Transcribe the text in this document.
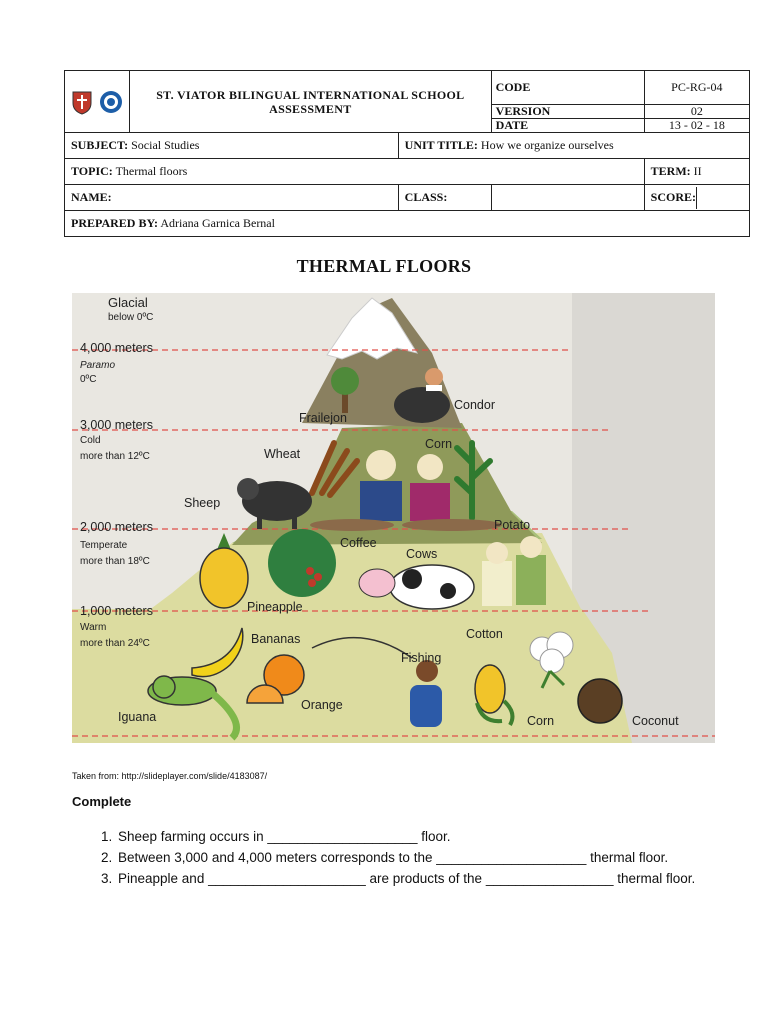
ST. VIATOR BILINGUAL INTERNATIONAL SCHOOL
ASSESSMENT		CODE	PC-RG-04
			VERSION	02
			DATE	13 - 02 - 18
SUBJECT: Social Studies		UNIT TITLE: How we organize ourselves		
TOPIC: Thermal floors				TERM: II
NAME:		CLASS:		SCORE:

PREPARED BY: Adriana Garnica Bernal				
THERMAL FLOORS
Glacial
below 0ºC
4,000 meters
Paramo
0ºC
3,000 meters
Cold
more than 12ºC
2,000 meters
Temperate
more than 18ºC
1,000 meters
Warm
more than 24ºC
Frailejon
Condor
Wheat
Corn
Sheep
Potato
Coffee
Cows
Pineapple
Bananas	Cotton
Fishing
Iguana
Orange
Corn	Coconut
Taken from: http://slideplayer.com/slide/4183087/
Complete
1. Sheep farming occurs in ____________________ floor.
2. Between 3,000 and 4,000 meters corresponds to the ____________________ thermal floor.
3. Pineapple and _____________________ are products of the _________________ thermal floor.
